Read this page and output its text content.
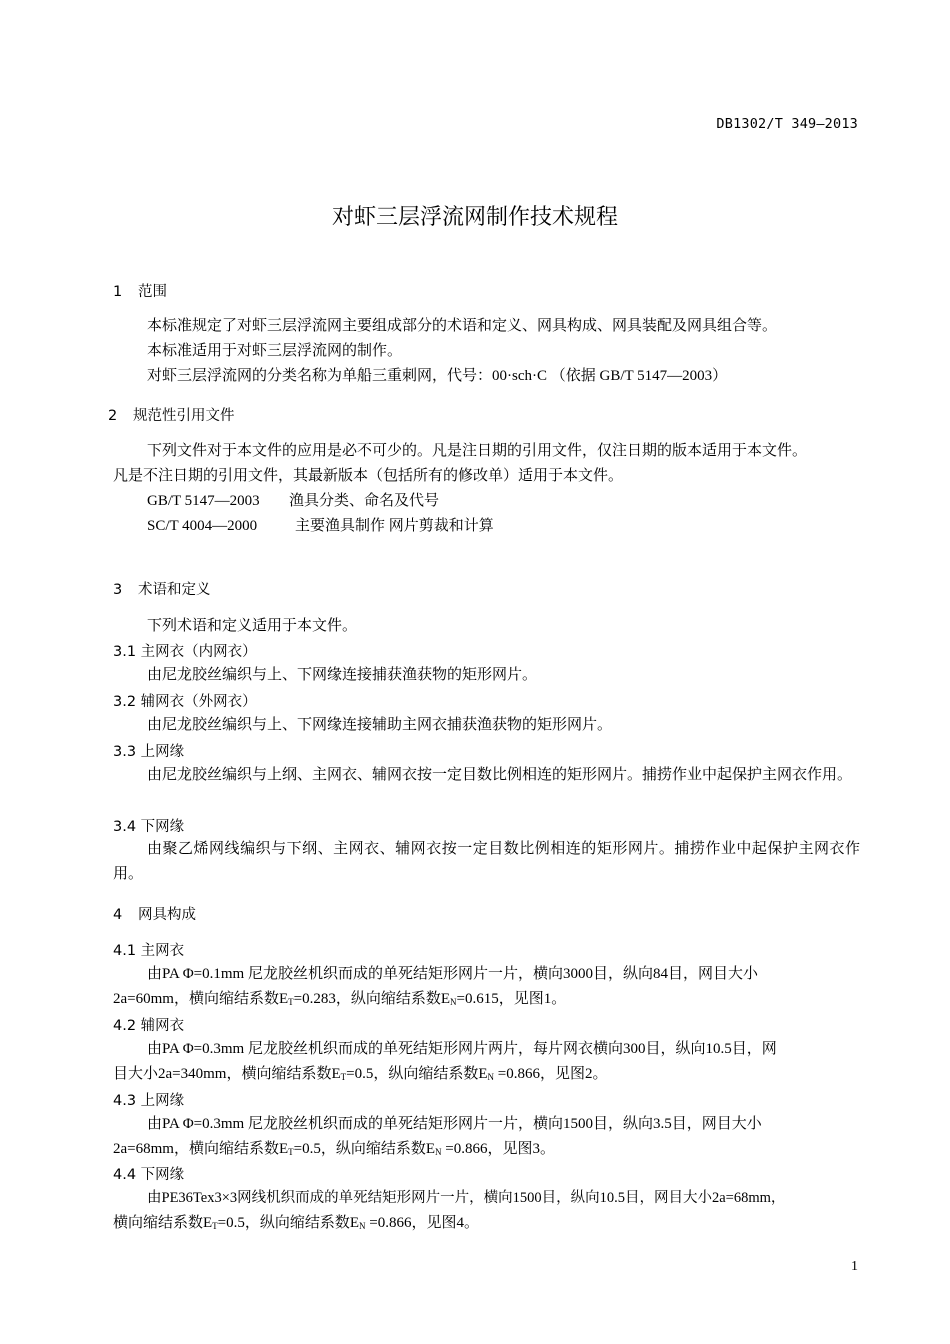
DB1302/T 349—2013
对虾三层浮流网制作技术规程
1 范围
本标准规定了对虾三层浮流网主要组成部分的术语和定义、网具构成、网具装配及网具组合等。
本标准适用于对虾三层浮流网的制作。
对虾三层浮流网的分类名称为单船三重刺网，代号：00·sch·C （依据 GB/T 5147—2003）
2 规范性引用文件
下列文件对于本文件的应用是必不可少的。凡是注日期的引用文件，仅注日期的版本适用于本文件。
凡是不注日期的引用文件，其最新版本（包括所有的修改单）适用于本文件。
GB/T 5147—2003 渔具分类、命名及代号
SC/T 4004—2000	主要渔具制作 网片剪裁和计算
3 术语和定义
下列术语和定义适用于本文件。
3.1 主网衣（内网衣）
由尼龙胶丝编织与上、下网缘连接捕获渔获物的矩形网片。
3.2 辅网衣（外网衣）
由尼龙胶丝编织与上、下网缘连接辅助主网衣捕获渔获物的矩形网片。
3.3 上网缘
由尼龙胶丝编织与上纲、主网衣、辅网衣按一定目数比例相连的矩形网片。捕捞作业中起保护主网衣作用。
3.4 下网缘
由聚乙烯网线编织与下纲、主网衣、辅网衣按一定目数比例相连的矩形网片。捕捞作业中起保护主网衣作用。
4 网具构成
4.1 主网衣
由PA Φ=0.1mm 尼龙胶丝机织而成的单死结矩形网片一片，横向3000目，纵向84目，网目大小
2a=60mm，横向缩结系数$E_T=0.283$，纵向缩结系数$E_N=0.615$，见图1。
4.2 辅网衣
由PA Φ=0.3mm 尼龙胶丝机织而成的单死结矩形网片两片，每片网衣横向300目，纵向10.5目，网
目大小2a=340mm，横向缩结系数$E_T=0.5$，纵向缩结系数$E_N =0.866$，见图2。
4.3 上网缘
由PA Φ=0.3mm 尼龙胶丝机织而成的单死结矩形网片一片，横向1500目，纵向3.5目，网目大小
2a=68mm，横向缩结系数$E_T=0.5$，纵向缩结系数$E_N =0.866$，见图3。
4.4 下网缘
由PE36Tex3×3网线机织而成的单死结矩形网片一片，横向1500目，纵向10.5目，网目大小2a=68mm，
横向缩结系数$E_T=0.5$，纵向缩结系数$E_N =0.866$，见图4。
1
